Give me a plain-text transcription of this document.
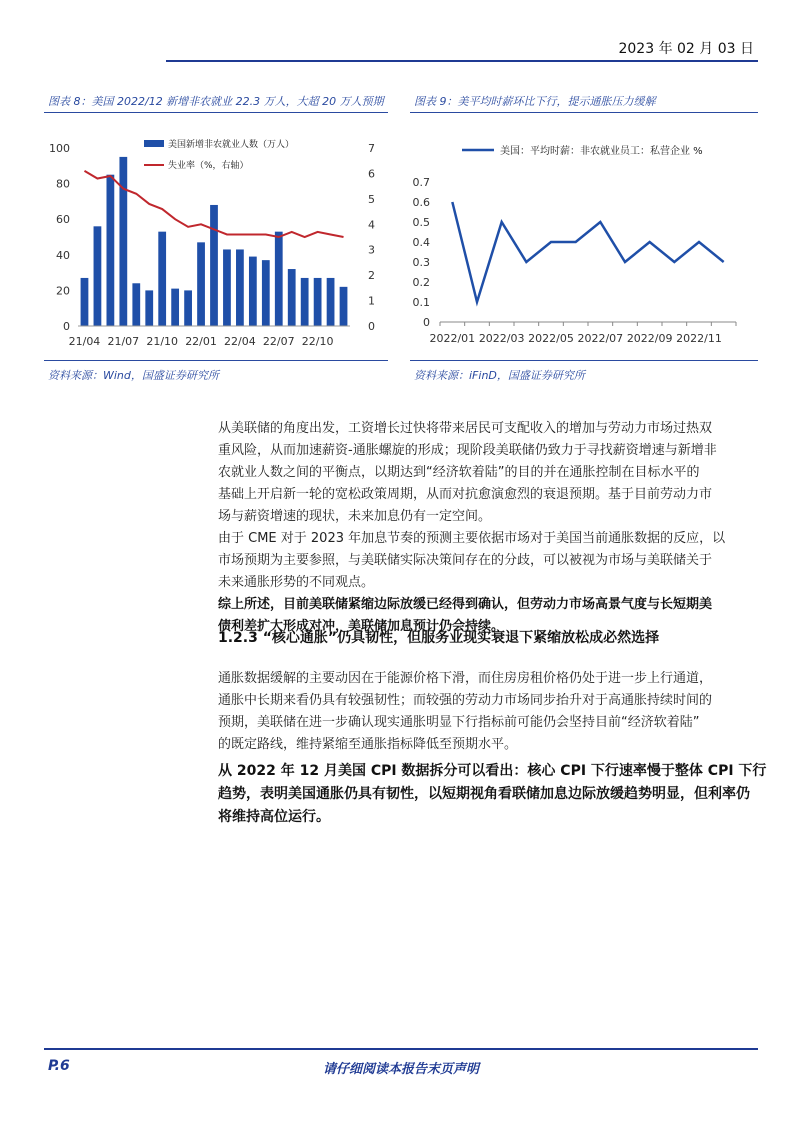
2023 年 02 月 03 日
图表 8：美国 2022/12 新增非农就业 22.3 万人，大超 20 万人预期
0
20
40
60
80
100
0
1
2
3
4
5
6
7
21/04 21/07 21/10 22/01 22/04 22/07 22/10
美国新增非农就业人数（万人）
失业率（%，右轴）
资料来源：Wind，国盛证券研究所
图表 9：美平均时薪环比下行，提示通胀压力缓解
美国：平均时薪：非农就业员工：私营企业 %
0
0.1
0.2
0.3
0.4
0.5
0.6
0.7
2022/01 2022/03 2022/05 2022/07 2022/09 2022/11
资料来源：iFinD，国盛证券研究所
从美联储的角度出发，工资增长过快将带来居民可支配收入的增加与劳动力市场过热双
重风险，从而加速薪资-通胀螺旋的形成；现阶段美联储仍致力于寻找薪资增速与新增非
农就业人数之间的平衡点，以期达到“经济软着陆”的目的并在通胀控制在目标水平的
基础上开启新一轮的宽松政策周期，从而对抗愈演愈烈的衰退预期。基于目前劳动力市
场与薪资增速的现状，未来加息仍有一定空间。
由于 CME 对于 2023 年加息节奏的预测主要依据市场对于美国当前通胀数据的反应，以
市场预期为主要参照，与美联储实际决策间存在的分歧，可以被视为市场与美联储关于
未来通胀形势的不同观点。
综上所述，目前美联储紧缩边际放缓已经得到确认，但劳动力市场高景气度与长短期美
债利差扩大形成对冲，美联储加息预计仍会持续。
1.2.3 “核心通胀”仍具韧性，但服务业现实衰退下紧缩放松成必然选择
通胀数据缓解的主要动因在于能源价格下滑，而住房房租价格仍处于进一步上行通道，
通胀中长期来看仍具有较强韧性；而较强的劳动力市场同步抬升对于高通胀持续时间的
预期，美联储在进一步确认现实通胀明显下行指标前可能仍会坚持目前“经济软着陆”
的既定路线，维持紧缩至通胀指标降低至预期水平。
从 2022 年 12 月美国 CPI 数据拆分可以看出：核心 CPI 下行速率慢于整体 CPI 下行
趋势，表明美国通胀仍具有韧性，以短期视角看联储加息边际放缓趋势明显，但利率仍
将维持高位运行。
P.6	请仔细阅读本报告末页声明
